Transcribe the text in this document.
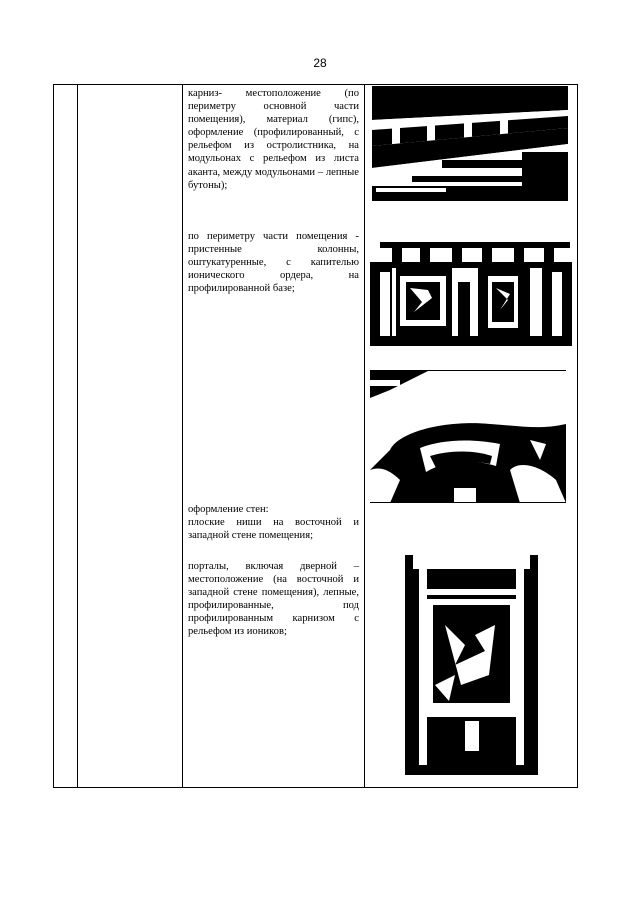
28

карниз- местоположение (по периметру основной части помещения), материал (гипс), оформление (профилированный, с рельефом из остролистника, на модульонах с рельефом из листа аканта, между модульонами – лепные бутоны);

по периметру части помещения - пристенные колонны, оштукатуренные, с капителью ионического ордера, на профилированной базе;

оформление стен:

плоские ниши на восточной и западной стене помещения;

порталы, включая дверной – местоположение (на восточной и западной стене помещения), лепные, профилированные, под профилированным карнизом с рельефом из иоников;
